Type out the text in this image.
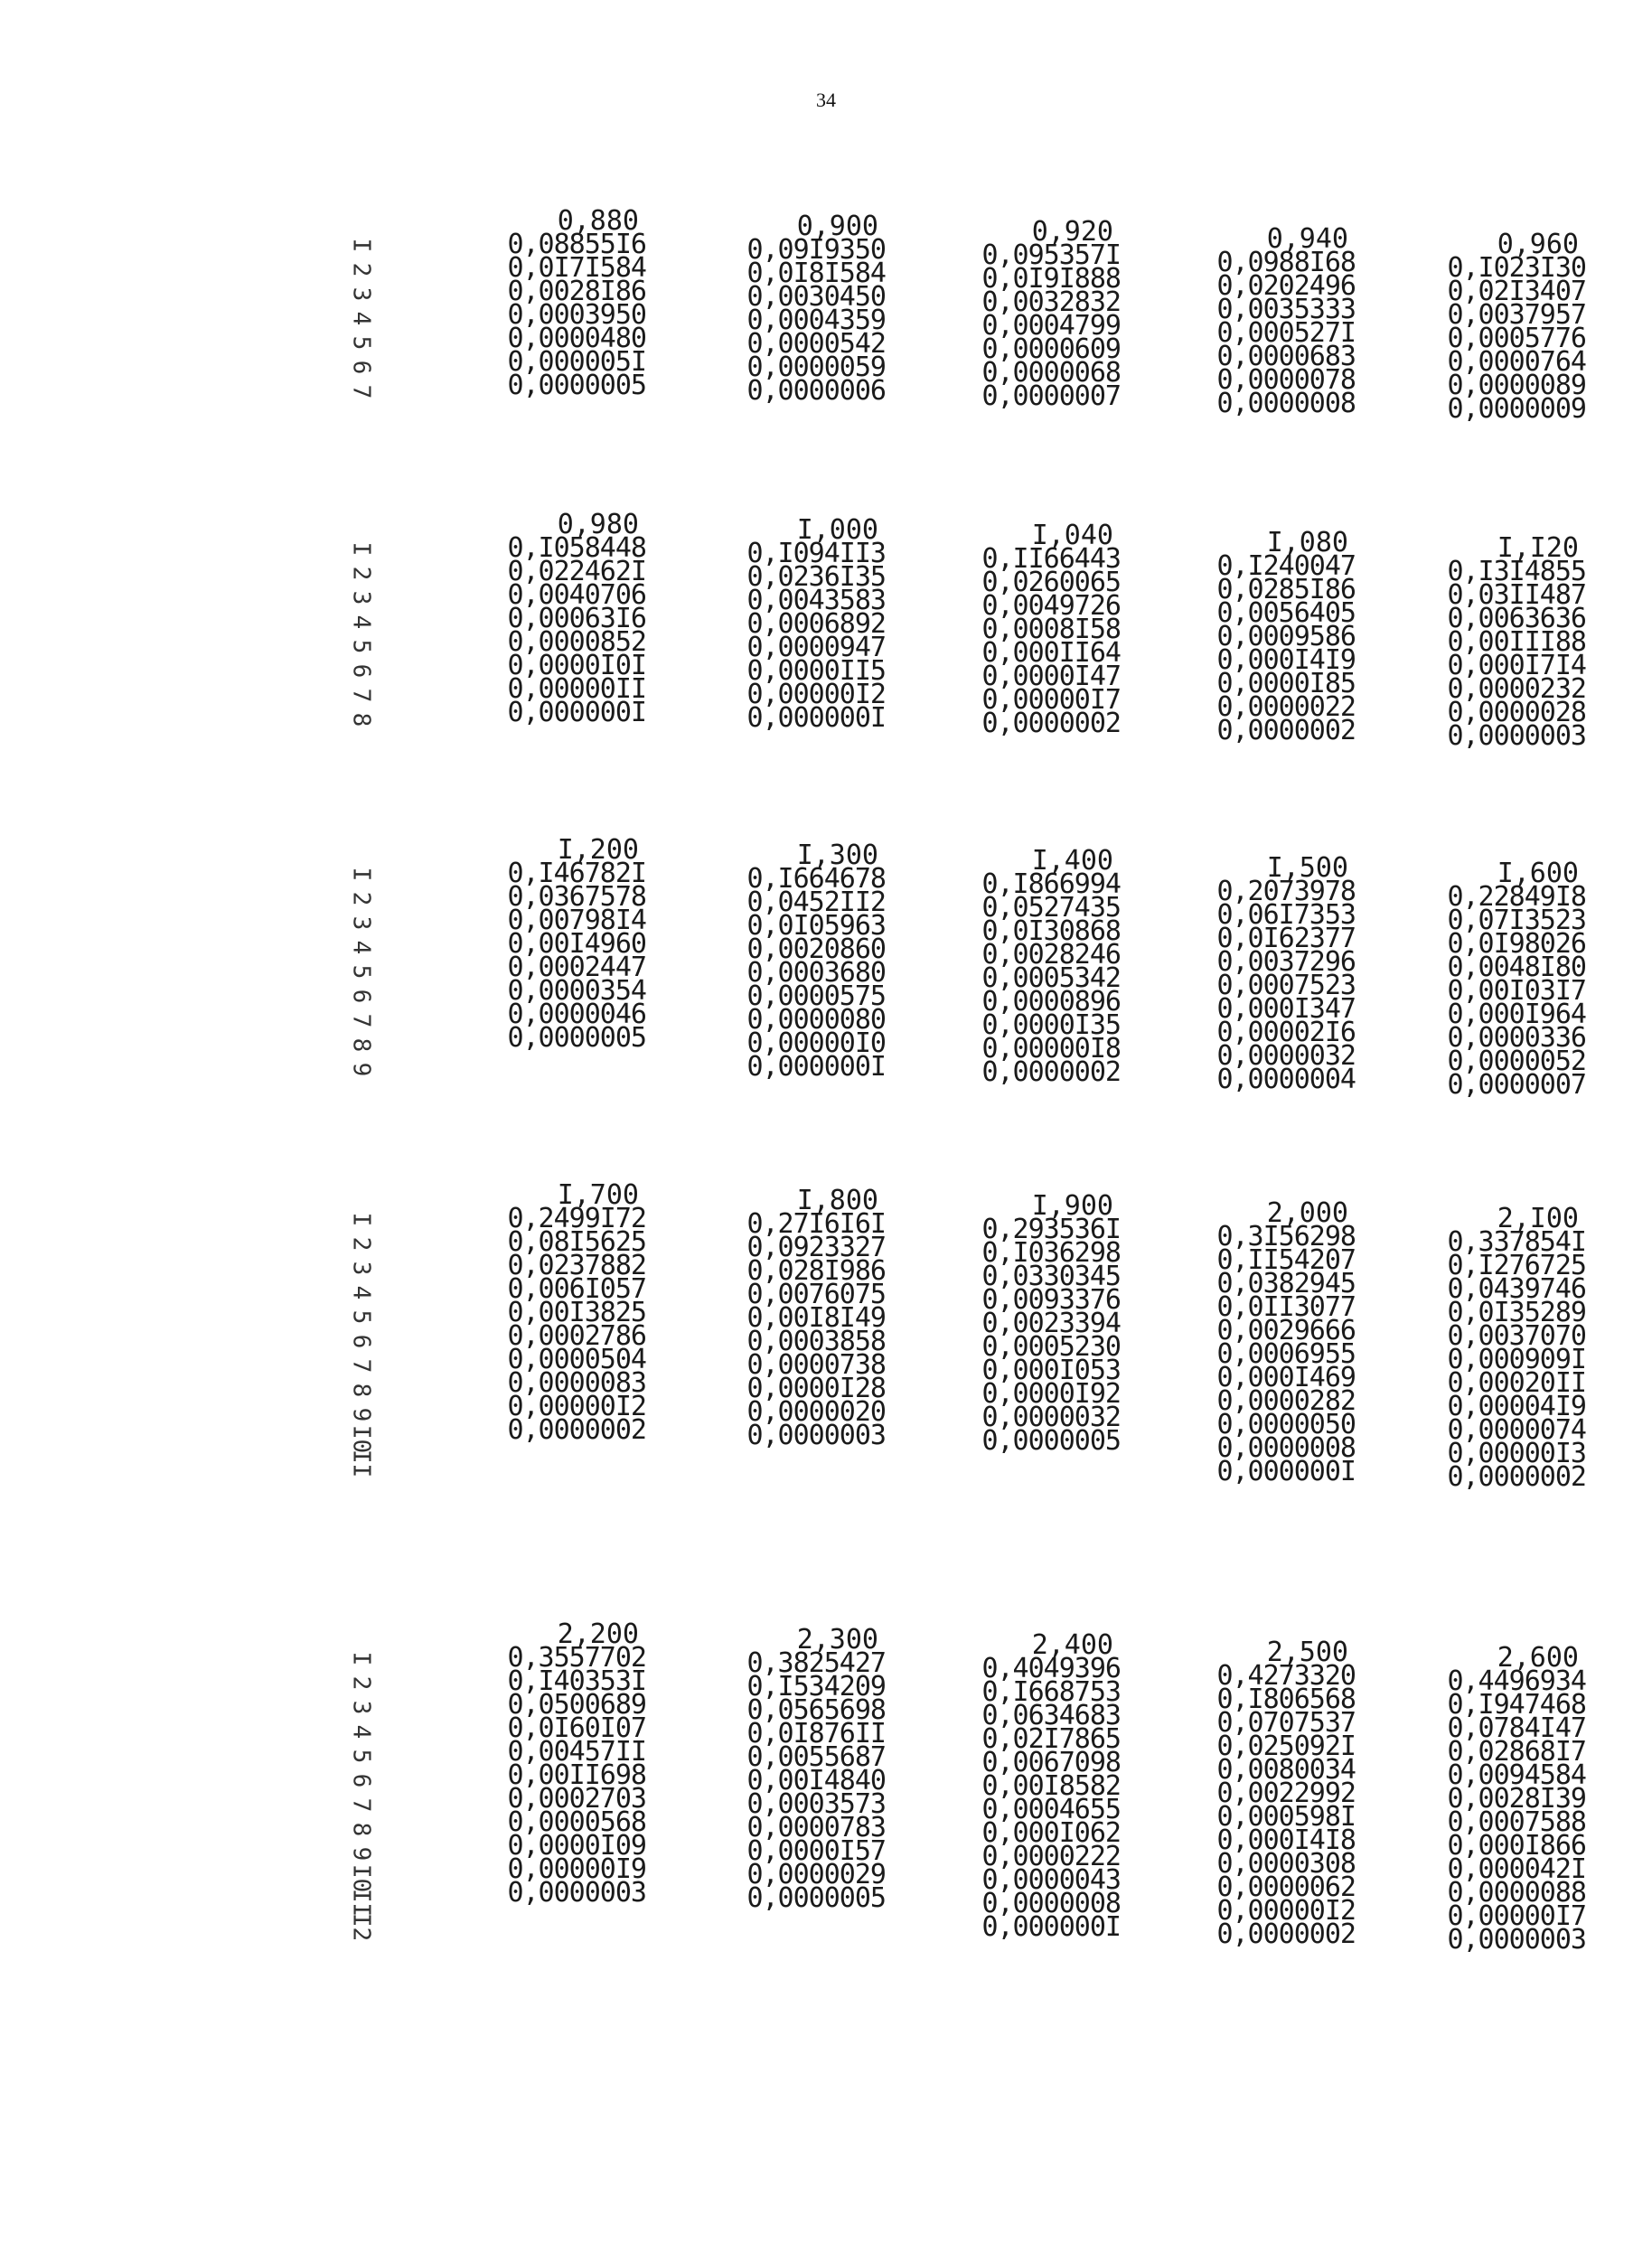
34
I
2
3
4
5
6
7
0,880
0,08855I6
0,0I7I584
0,0028I86
0,0003950
0,0000480
0,000005I
0,0000005
0,900
0,09I9350
0,0I8I584
0,0030450
0,0004359
0,0000542
0,0000059
0,0000006
0,920
0,095357I
0,0I9I888
0,0032832
0,0004799
0,0000609
0,0000068
0,0000007
0,940
0,0988I68
0,0202496
0,0035333
0,000527I
0,0000683
0,0000078
0,0000008
0,960
0,I023I30
0,02I3407
0,0037957
0,0005776
0,0000764
0,0000089
0,0000009
I
2
3
4
5
6
7
8
0,980
0,I058448
0,022462I
0,0040706
0,00063I6
0,0000852
0,0000I0I
0,00000II
0,000000I
I,000
0,I094II3
0,0236I35
0,0043583
0,0006892
0,0000947
0,0000II5
0,00000I2
0,000000I
I,040
0,II66443
0,0260065
0,0049726
0,0008I58
0,000II64
0,0000I47
0,00000I7
0,0000002
I,080
0,I240047
0,0285I86
0,0056405
0,0009586
0,000I4I9
0,0000I85
0,0000022
0,0000002
I,I20
0,I3I4855
0,03II487
0,0063636
0,00III88
0,000I7I4
0,0000232
0,0000028
0,0000003
I
2
3
4
5
6
7
8
9
I,200
0,I46782I
0,0367578
0,00798I4
0,00I4960
0,0002447
0,0000354
0,0000046
0,0000005
I,300
0,I664678
0,0452II2
0,0I05963
0,0020860
0,0003680
0,0000575
0,0000080
0,00000I0
0,000000I
I,400
0,I866994
0,0527435
0,0I30868
0,0028246
0,0005342
0,0000896
0,0000I35
0,00000I8
0,0000002
I,500
0,2073978
0,06I7353
0,0I62377
0,0037296
0,0007523
0,000I347
0,00002I6
0,0000032
0,0000004
I,600
0,22849I8
0,07I3523
0,0I98026
0,0048I80
0,00I03I7
0,000I964
0,0000336
0,0000052
0,0000007
I
2
3
4
5
6
7
8
9
I0
II
I,700
0,2499I72
0,08I5625
0,0237882
0,006I057
0,00I3825
0,0002786
0,0000504
0,0000083
0,00000I2
0,0000002
I,800
0,27I6I6I
0,0923327
0,028I986
0,0076075
0,00I8I49
0,0003858
0,0000738
0,0000I28
0,0000020
0,0000003
I,900
0,293536I
0,I036298
0,0330345
0,0093376
0,0023394
0,0005230
0,000I053
0,0000I92
0,0000032
0,0000005
2,000
0,3I56298
0,II54207
0,0382945
0,0II3077
0,0029666
0,0006955
0,000I469
0,0000282
0,0000050
0,0000008
0,000000I
2,I00
0,337854I
0,I276725
0,0439746
0,0I35289
0,0037070
0,000909I
0,00020II
0,00004I9
0,0000074
0,00000I3
0,0000002
I
2
3
4
5
6
7
8
9
I0
II
I2
2,200
0,3557702
0,I40353I
0,0500689
0,0I60I07
0,00457II
0,00II698
0,0002703
0,0000568
0,0000I09
0,00000I9
0,0000003
2,300
0,3825427
0,I534209
0,0565698
0,0I876II
0,0055687
0,00I4840
0,0003573
0,0000783
0,0000I57
0,0000029
0,0000005
2,400
0,4049396
0,I668753
0,0634683
0,02I7865
0,0067098
0,00I8582
0,0004655
0,000I062
0,0000222
0,0000043
0,0000008
0,000000I
2,500
0,4273320
0,I806568
0,0707537
0,025092I
0,0080034
0,0022992
0,000598I
0,000I4I8
0,0000308
0,0000062
0,00000I2
0,0000002
2,600
0,4496934
0,I947468
0,0784I47
0,02868I7
0,0094584
0,0028I39
0,0007588
0,000I866
0,000042I
0,0000088
0,00000I7
0,0000003
